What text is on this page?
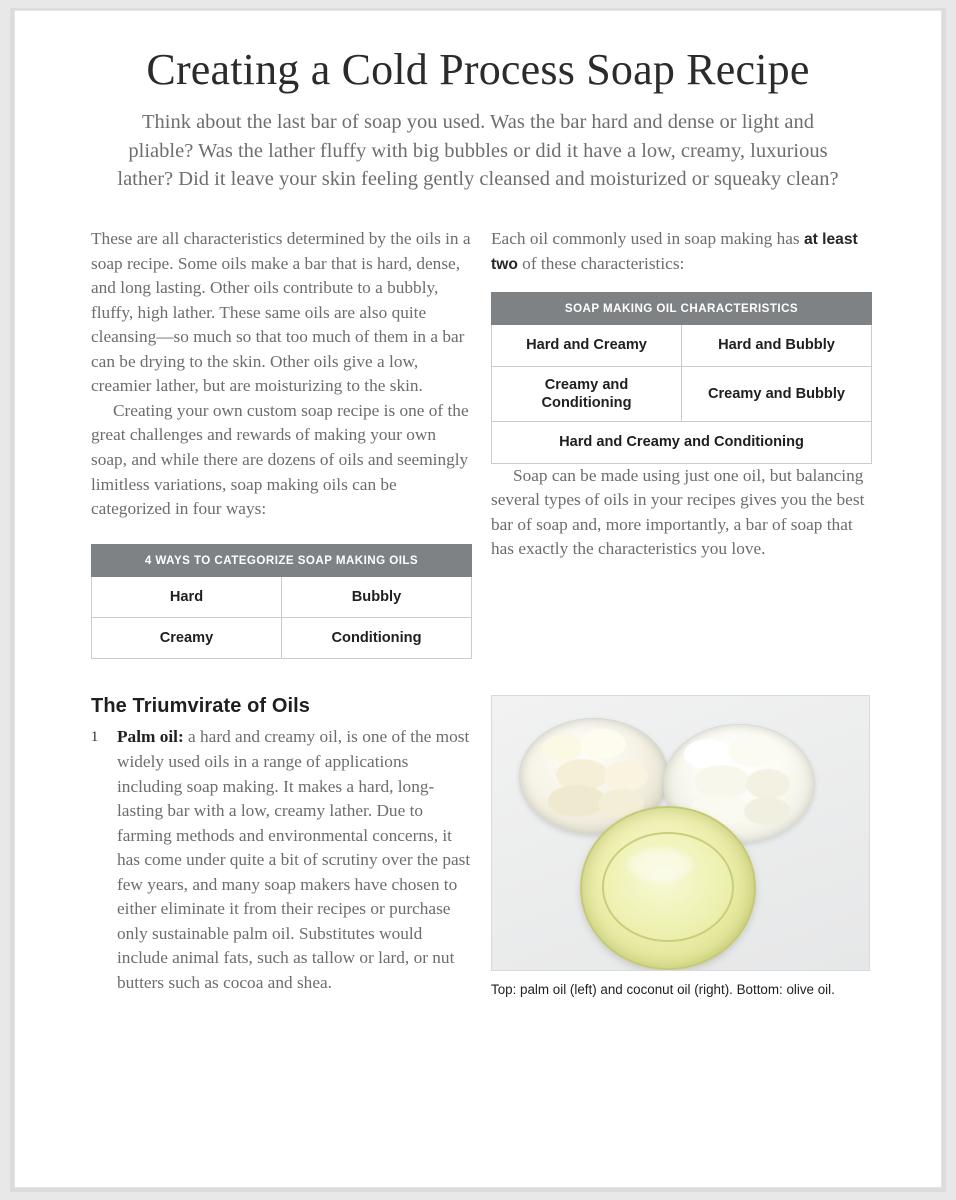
Creating a Cold Process Soap Recipe

Think about the last bar of soap you used. Was the bar hard and dense or light and pliable? Was the lather fluffy with big bubbles or did it have a low, creamy, luxurious lather? Did it leave your skin feeling gently cleansed and moisturized or squeaky clean?

These are all characteristics determined by the oils in a soap recipe. Some oils make a bar that is hard, dense, and long lasting. Other oils contribute to a bubbly, fluffy, high lather. These same oils are also quite cleansing—so much so that too much of them in a bar can be drying to the skin. Other oils give a low, creamier lather, but are moisturizing to the skin.

Creating your own custom soap recipe is one of the great challenges and rewards of making your own soap, and while there are dozens of oils and seemingly limitless variations, soap making oils can be categorized in four ways:

4 WAYS TO CATEGORIZE SOAP MAKING OILS	
Hard	Bubbly
Creamy	Conditioning

Each oil commonly used in soap making has at least two of these characteristics:

SOAP MAKING OIL CHARACTERISTICS	
Hard and Creamy	Hard and Bubbly
Creamy and Conditioning	Creamy and Bubbly
Hard and Creamy and Conditioning	

Soap can be made using just one oil, but balancing several types of oils in your recipes gives you the best bar of soap and, more importantly, a bar of soap that has exactly the characteristics you love.

The Triumvirate of Oils
1	Palm oil: a hard and creamy oil, is one of the most widely used oils in a range of applications including soap making. It makes a hard, long-lasting bar with a low, creamy lather. Due to farming methods and environmental concerns, it has come under quite a bit of scrutiny over the past few years, and many soap makers have chosen to either eliminate it from their recipes or purchase only sustainable palm oil. Substitutes would include animal fats, such as tallow or lard, or nut butters such as cocoa and shea.	Top: palm oil (left) and coconut oil (right). Bottom: olive oil.
